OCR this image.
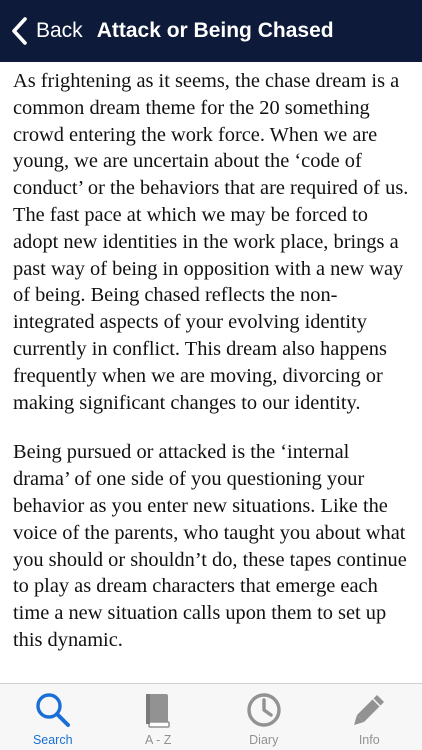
Back Attack or Being Chased

As frightening as it seems, the chase dream is a common dream theme for the 20 something crowd entering the work force. When we are young, we are uncertain about the ‘code of conduct’ or the behaviors that are required of us. The fast pace at which we may be forced to adopt new identities in the work place, brings a past way of being in opposition with a new way of being. Being chased reflects the non-integrated aspects of your evolving identity currently in conflict. This dream also happens frequently when we are moving, divorcing or making significant changes to our identity.

Being pursued or attacked is the ‘internal drama’ of one side of you questioning your behavior as you enter new situations. Like the voice of the parents, who taught you about what you should or shouldn’t do, these tapes continue to play as dream characters that emerge each time a new situation calls upon them to set up this dynamic.

Search	A - Z	Diary	Info
